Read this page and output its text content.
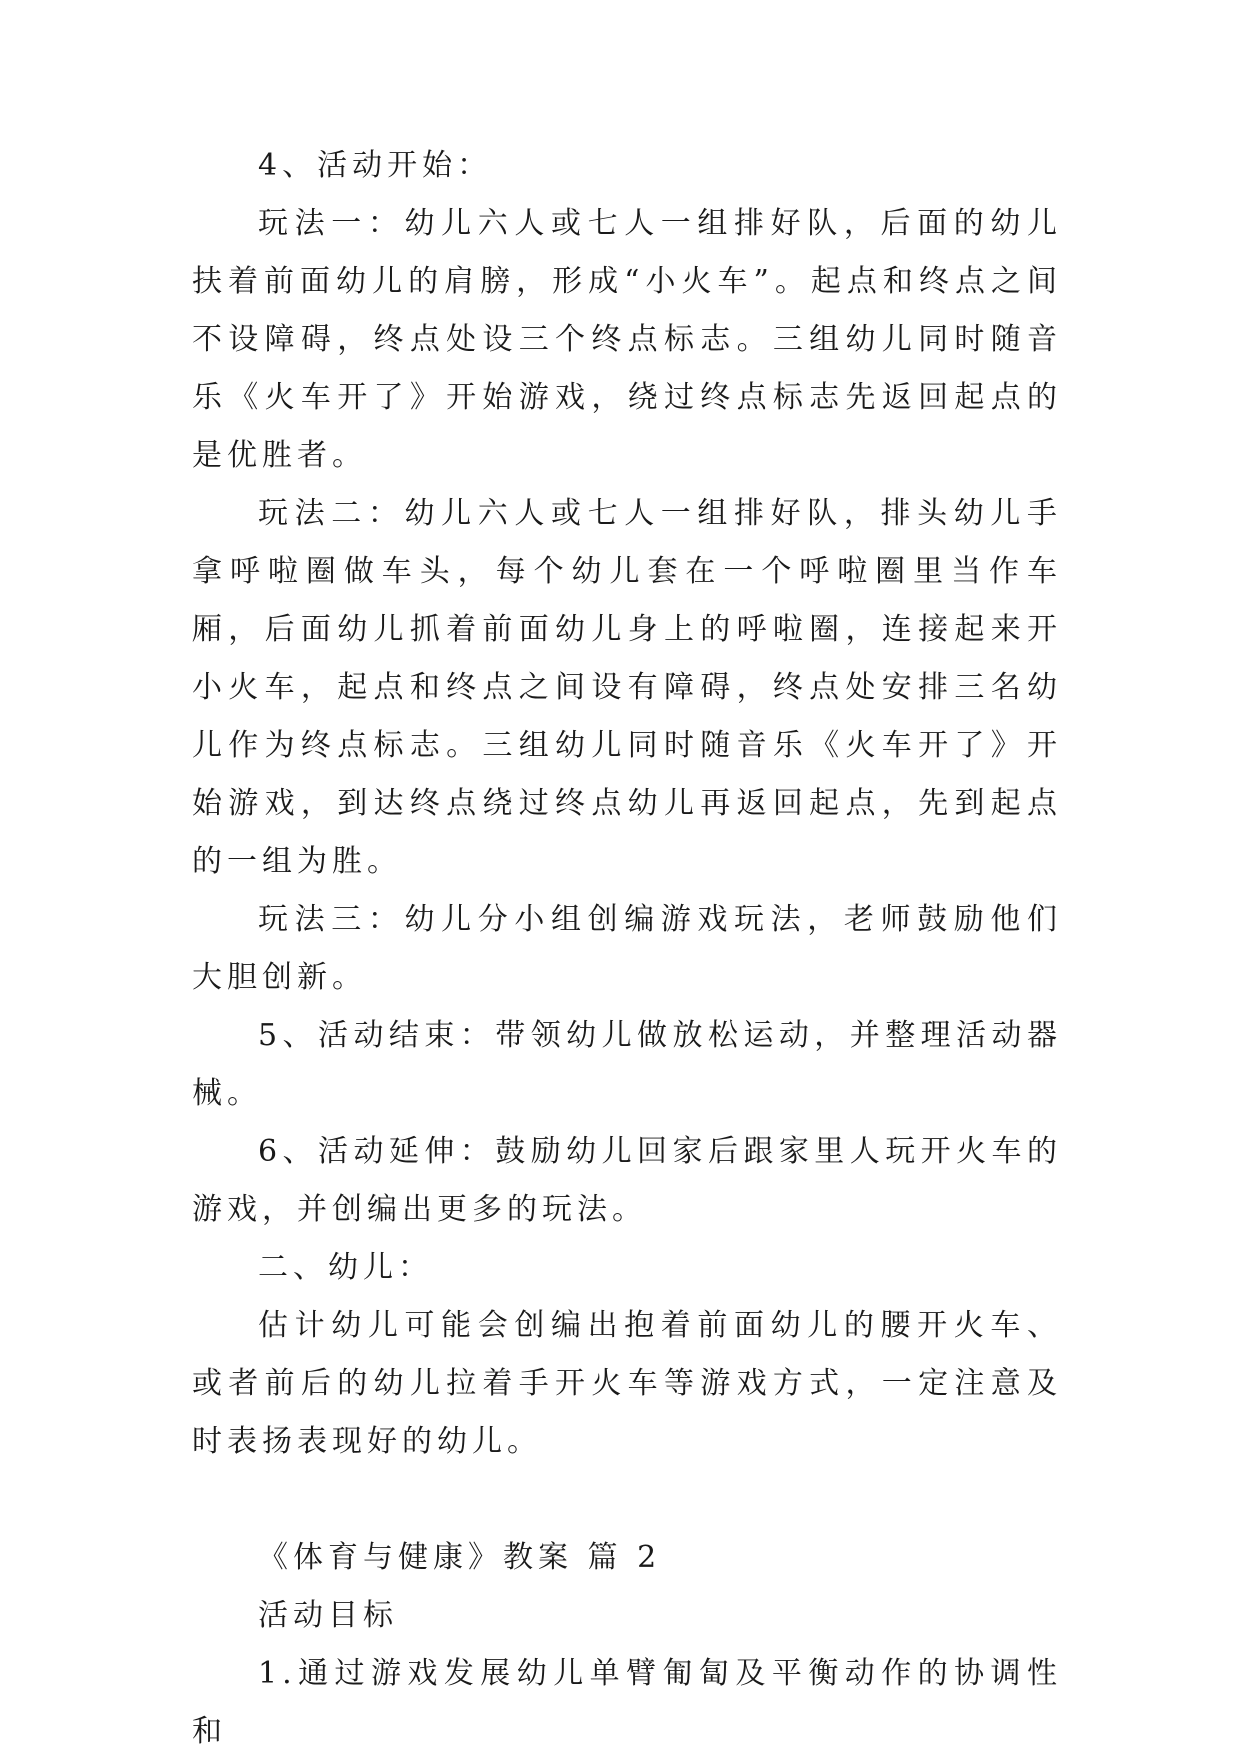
4、活动开始：

玩法一：幼儿六人或七人一组排好队，后面的幼儿扶着前面幼儿的肩膀，形成“小火车”。起点和终点之间不设障碍，终点处设三个终点标志。三组幼儿同时随音乐《火车开了》开始游戏，绕过终点标志先返回起点的是优胜者。

玩法二：幼儿六人或七人一组排好队，排头幼儿手拿呼啦圈做车头，每个幼儿套在一个呼啦圈里当作车厢，后面幼儿抓着前面幼儿身上的呼啦圈，连接起来开小火车，起点和终点之间设有障碍，终点处安排三名幼儿作为终点标志。三组幼儿同时随音乐《火车开了》开始游戏，到达终点绕过终点幼儿再返回起点，先到起点的一组为胜。

玩法三：幼儿分小组创编游戏玩法，老师鼓励他们大胆创新。

5、活动结束：带领幼儿做放松运动，并整理活动器械。

6、活动延伸：鼓励幼儿回家后跟家里人玩开火车的游戏，并创编出更多的玩法。

二、幼儿：

估计幼儿可能会创编出抱着前面幼儿的腰开火车、或者前后的幼儿拉着手开火车等游戏方式，一定注意及时表扬表现好的幼儿。

《体育与健康》教案 篇 2

活动目标

1.通过游戏发展幼儿单臂匍匐及平衡动作的协调性和
